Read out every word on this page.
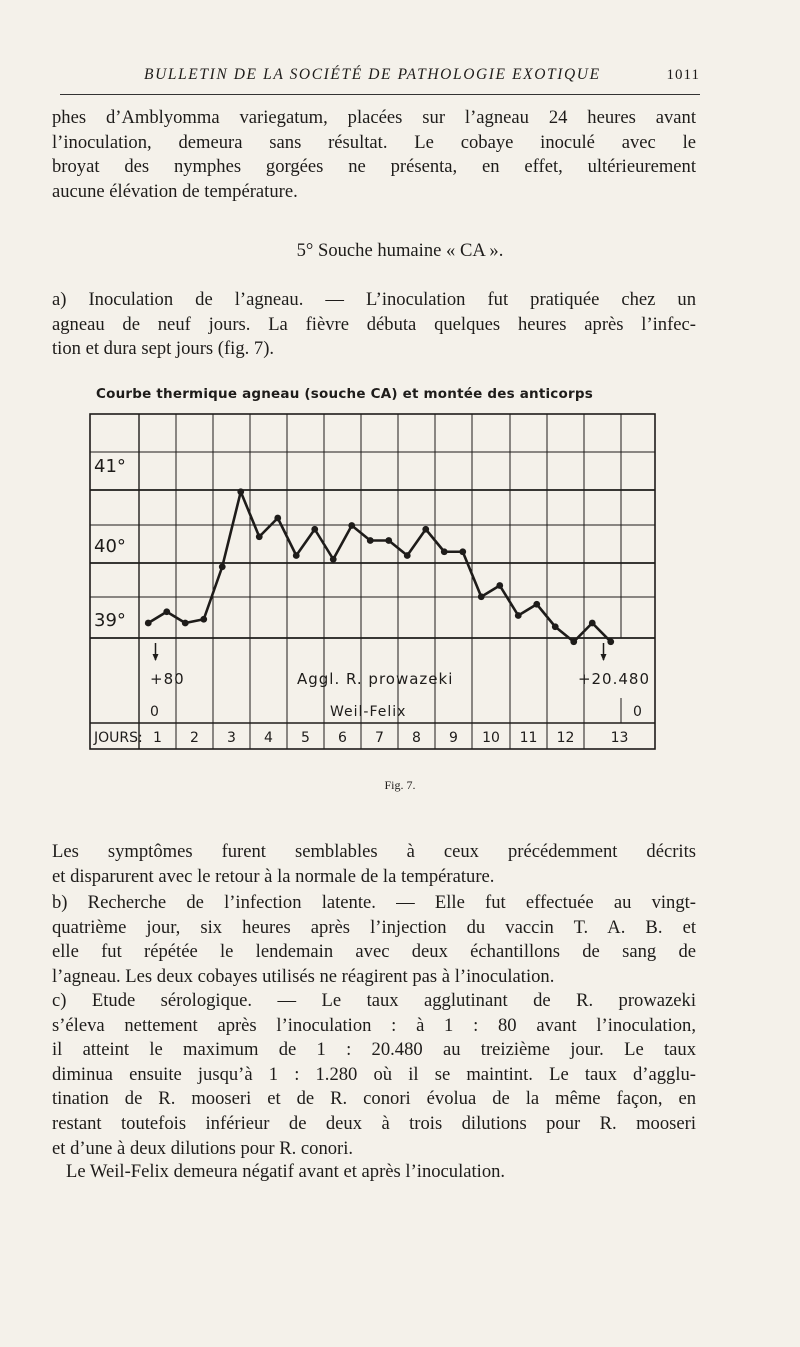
BULLETIN DE LA SOCIÉTÉ DE PATHOLOGIE EXOTIQUE	1011

phes d’Amblyomma variegatum, placées sur l’agneau 24 heures avant
l’inoculation, demeura sans résultat. Le cobaye inoculé avec le
broyat des nymphes gorgées ne présenta, en effet, ultérieurement
aucune élévation de température.

5° Souche humaine « CA ».

a) Inoculation de l’agneau. — L’inoculation fut pratiquée chez un
agneau de neuf jours. La fièvre débuta quelques heures après l’infec-
tion et dura sept jours (fig. 7).

Courbe thermique agneau (souche CA) et montée des anticorps
41°
40°
39°
JOURS: 1 2 3 4 5 6 7 8 9 10 11 12	13
+80	Aggl. R. prowazeki	+20.480
0	Weil-Felix	0
Fig. 7.

Les symptômes furent semblables à ceux précédemment décrits
et disparurent avec le retour à la normale de la température.

b) Recherche de l’infection latente. — Elle fut effectuée au vingt-
quatrième jour, six heures après l’injection du vaccin T. A. B. et
elle fut répétée le lendemain avec deux échantillons de sang de
l’agneau. Les deux cobayes utilisés ne réagirent pas à l’inoculation.

c) Etude sérologique. — Le taux agglutinant de R. prowazeki
s’éleva nettement après l’inoculation : à 1 : 80 avant l’inoculation,
il atteint le maximum de 1 : 20.480 au treizième jour. Le taux
diminua ensuite jusqu’à 1 : 1.280 où il se maintint. Le taux d’agglu-
tination de R. mooseri et de R. conori évolua de la même façon, en
restant toutefois inférieur de deux à trois dilutions pour R. mooseri
et d’une à deux dilutions pour R. conori.

Le Weil-Felix demeura négatif avant et après l’inoculation.
